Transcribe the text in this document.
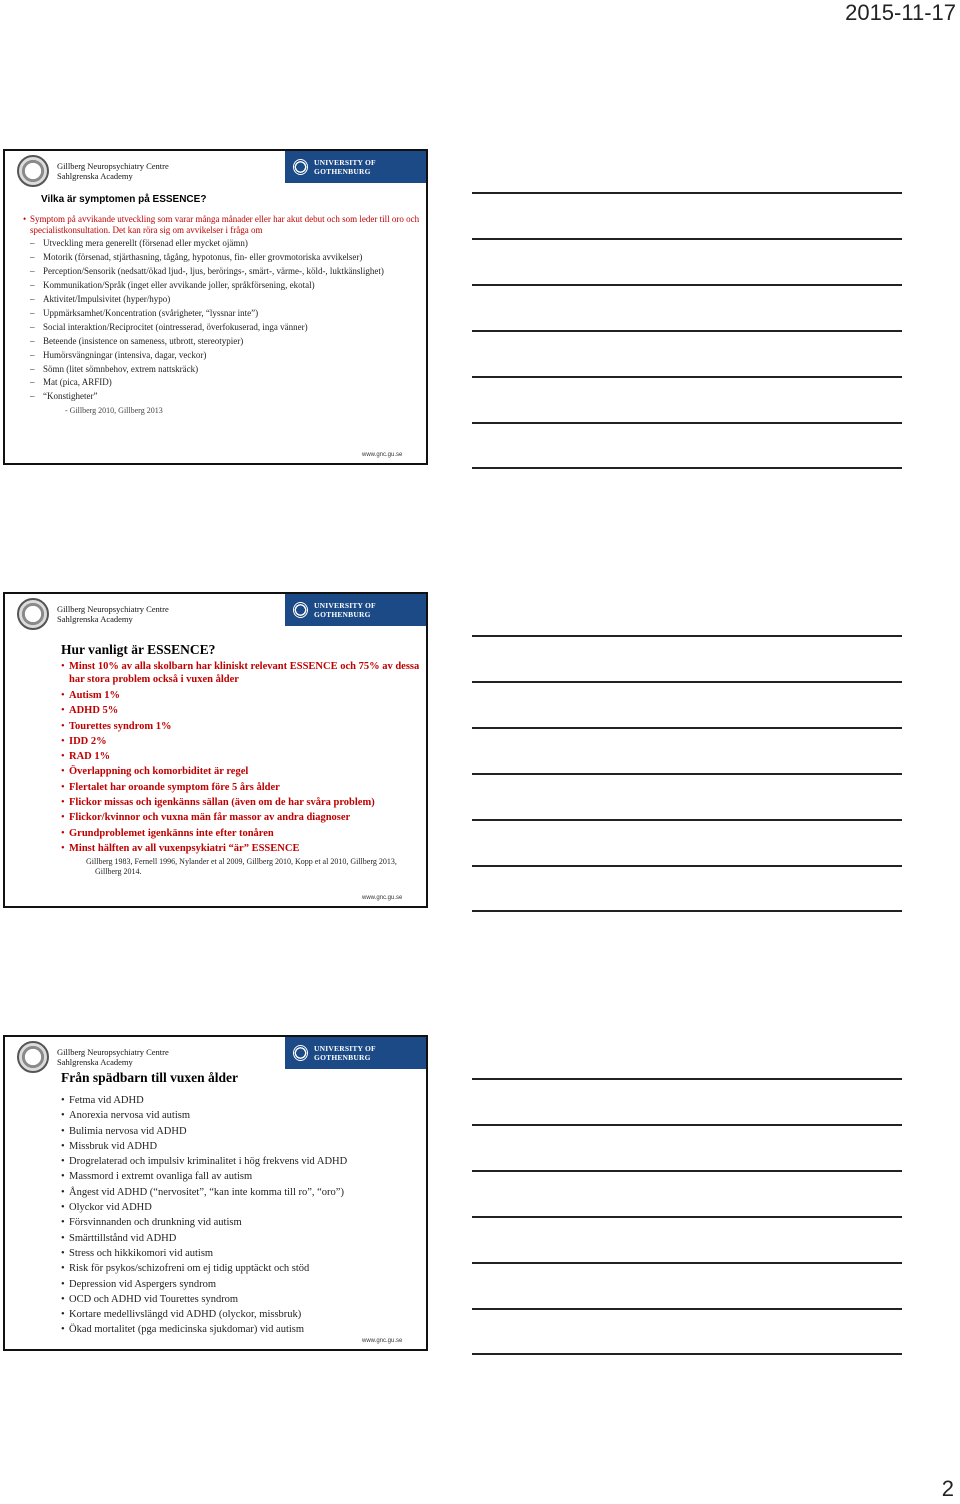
2015-11-17
Gillberg Neuropsychiatry Centre
Sahlgrenska Academy
UNIVERSITY OF GOTHENBURG
Vilka är symptomen på ESSENCE?
• Symptom på avvikande utveckling som varar många månader eller har akut debut och som leder till oro och specialistkonsultation. Det kan röra sig om avvikelser i fråga om
– Utveckling mera generellt (försenad eller mycket ojämn)
– Motorik (försenad, stjärthasning, tågång, hypotonus, fin- eller grovmotoriska avvikelser)
– Perception/Sensorik (nedsatt/ökad ljud-, ljus, berörings-, smärt-, värme-, köld-, luktkänslighet)
– Kommunikation/Språk (inget eller avvikande joller, språkförsening, ekotal)
– Aktivitet/Impulsivitet (hyper/hypo)
– Uppmärksamhet/Koncentration (svårigheter, “lyssnar inte”)
– Social interaktion/Reciprocitet (ointresserad, överfokuserad, inga vänner)
– Beteende (insistence on sameness, utbrott, stereotypier)
– Humörsvängningar (intensiva, dagar, veckor)
– Sömn (litet sömnbehov, extrem nattskräck)
– Mat (pica, ARFID)
– “Konstigheter”
- Gillberg 2010, Gillberg 2013
www.gnc.gu.se
Gillberg Neuropsychiatry Centre
Sahlgrenska Academy
UNIVERSITY OF GOTHENBURG
Hur vanligt är ESSENCE?
• Minst 10% av alla skolbarn har kliniskt relevant ESSENCE och 75% av dessa har stora problem också i vuxen ålder
• Autism 1%
• ADHD 5%
• Tourettes syndrom 1%
• IDD 2%
• RAD 1%
• Överlappning och komorbiditet är regel
• Flertalet har oroande symptom före 5 års ålder
• Flickor missas och igenkänns sällan (även om de har svåra problem)
• Flickor/kvinnor och vuxna män får massor av andra diagnoser
• Grundproblemet igenkänns inte efter tonåren
• Minst hälften av all vuxenpsykiatri “är” ESSENCE
Gillberg 1983, Fernell 1996, Nylander et al 2009, Gillberg 2010, Kopp et al 2010, Gillberg 2013,
Gillberg 2014.
www.gnc.gu.se
Gillberg Neuropsychiatry Centre
Sahlgrenska Academy
UNIVERSITY OF GOTHENBURG
Från spädbarn till vuxen ålder
• Fetma vid ADHD
• Anorexia nervosa vid autism
• Bulimia nervosa vid ADHD
• Missbruk vid ADHD
• Drogrelaterad och impulsiv kriminalitet i hög frekvens vid ADHD
• Massmord i extremt ovanliga fall av autism
• Ångest vid ADHD (“nervositet”, “kan inte komma till ro”, “oro”)
• Olyckor vid ADHD
• Försvinnanden och drunkning vid autism
• Smärttillstånd vid ADHD
• Stress och hikkikomori vid autism
• Risk för psykos/schizofreni om ej tidig upptäckt och stöd
• Depression vid Aspergers syndrom
• OCD och ADHD vid Tourettes syndrom
• Kortare medellivslängd vid ADHD (olyckor, missbruk)
• Ökad mortalitet (pga medicinska sjukdomar) vid autism
www.gnc.gu.se
2
